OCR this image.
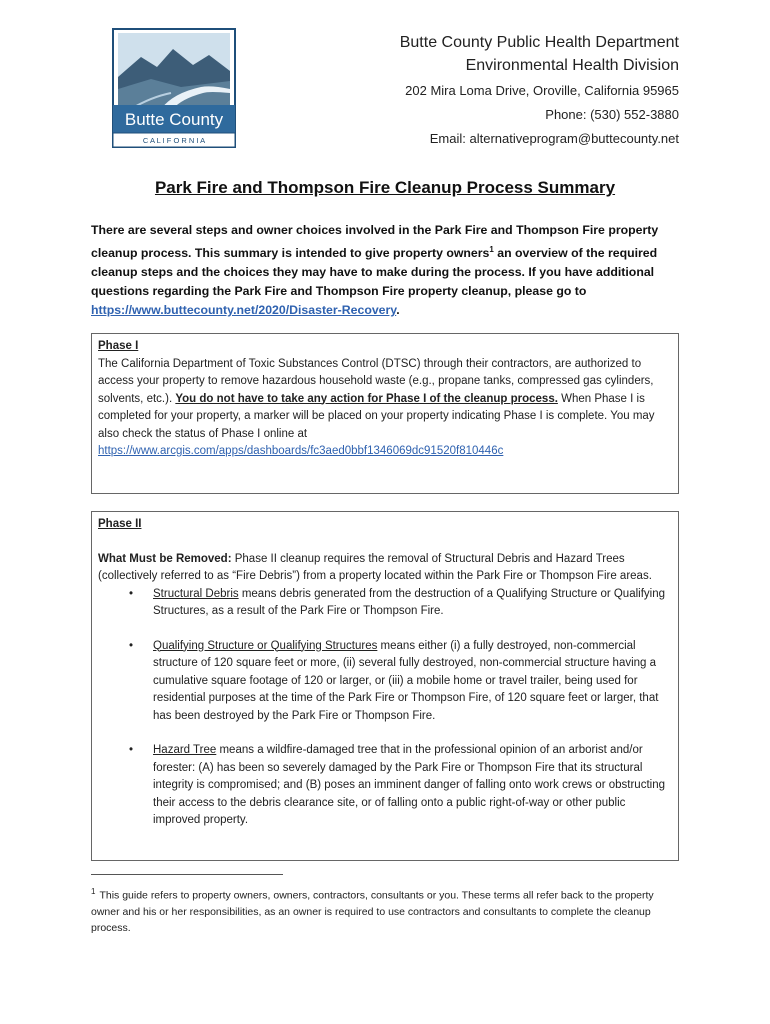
Butte County
C A L I F O R N I A
Butte County Public Health Department
Environmental Health Division
202 Mira Loma Drive, Oroville, California 95965
Phone: (530) 552-3880
Email: alternativeprogram@buttecounty.net
Park Fire and Thompson Fire Cleanup Process Summary
There are several steps and owner choices involved in the Park Fire and Thompson Fire property cleanup process. This summary is intended to give property owners$^1$ an overview of the required cleanup steps and the choices they may have to make during the process. If you have additional questions regarding the Park Fire and Thompson Fire property cleanup, please go to https://www.buttecounty.net/2020/Disaster-Recovery.
Phase I
The California Department of Toxic Substances Control (DTSC) through their contractors, are authorized to access your property to remove hazardous household waste (e.g., propane tanks, compressed gas cylinders, solvents, etc.). You do not have to take any action for Phase I of the cleanup process. When Phase I is completed for your property, a marker will be placed on your property indicating Phase I is complete. You may also check the status of Phase I online at
https://www.arcgis.com/apps/dashboards/fc3aed0bbf1346069dc91520f810446c
Phase II
What Must be Removed: Phase II cleanup requires the removal of Structural Debris and Hazard Trees (collectively referred to as “Fire Debris”) from a property located within the Park Fire or Thompson Fire areas.
• Structural Debris means debris generated from the destruction of a Qualifying Structure or Qualifying Structures, as a result of the Park Fire or Thompson Fire.
• Qualifying Structure or Qualifying Structures means either (i) a fully destroyed, non-commercial structure of 120 square feet or more, (ii) several fully destroyed, non-commercial structure having a cumulative square footage of 120 or larger, or (iii) a mobile home or travel trailer, being used for residential purposes at the time of the Park Fire or Thompson Fire, of 120 square feet or larger, that has been destroyed by the Park Fire or Thompson Fire.
• Hazard Tree means a wildfire-damaged tree that in the professional opinion of an arborist and/or forester: (A) has been so severely damaged by the Park Fire or Thompson Fire that its structural integrity is compromised; and (B) poses an imminent danger of falling onto work crews or obstructing their access to the debris clearance site, or of falling onto a public right-of-way or other public improved property.
$^1$ This guide refers to property owners, owners, contractors, consultants or you. These terms all refer back to the property owner and his or her responsibilities, as an owner is required to use contractors and consultants to complete the cleanup process.
